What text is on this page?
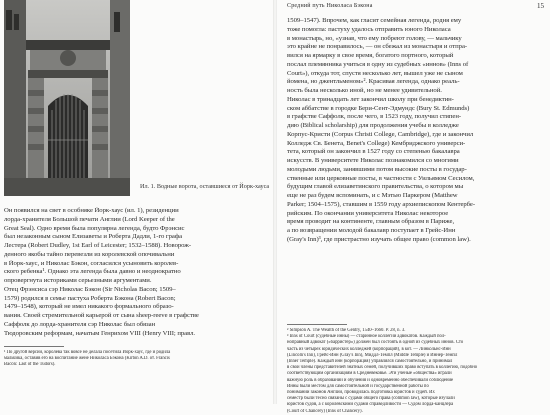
Ил. 1. Водные ворота, оставшиеся от Йорк-хауса
Он появился на свет в особняке Йорк-хаус (ил. 1), резиденции
лорда-хранителя Большой печати Англии (Lord Keeper of the
Great Seal). Одно время была популярна легенда, будто Фрэнсис
был незаконным сыном Елизаветы и Роберта Дадли, 1-го графа
Лестера (Robert Dudley, 1st Earl of Leicester; 1532–1588). Новорож-
денного якобы тайно перевезли из королевской опочивальни
в Йорк-хаус, и Николас Бэкон, согласился усыновить королев-
ского ребенка¹. Однако эта легенда была давно и неоднократно
опровергнута историками серьезными аргументами.
Отец Фрэнсиса сэр Николас Бэкон (Sir Nicholas Bacon; 1509–
1579) родился в семье пастуха Роберта Бэкона (Robert Bacon;
1479–1548), который не имел никакого формального образо-
вания. Своей стремительной карьерой от сына sheep-reeve в графстве
Саффолк до лорда-хранителя сэр Николас был обязан
Тюдоровским реформам, начатым Генрихом VIII (Henry VIII; правл.
¹ По другой версии, королева так вовсе не делала посетила Йорк-хаус, где и родила
мальчика, оставив его на воспитание жене Николаса Бэкона (Kirton A.D. от. Francis
Bacon: Last of the Tudors).
Средний путь Николаса Бэкона	15
1509–1547). Впрочем, как гласит семейная легенда, родня ему
тоже помогла: пастуху удалось отправить юного Николаса
в монастырь, но, «узнав, что ему побреют голову, — мальчику
это крайне не понравилось, — он сбежал из монастыря и отпра-
вился на ярмарку в свое время, богатого портного, который
послал племянника учиться в одну из судебных «иннов» (Inns of
Court»), откуда тот, спустя несколько лет, вышел уже не сыном
йомена, но джентльменом»². Красивая легенда, однако реаль-
ность была несколько иной, но не менее удивительной.
Николас в тринадцать лет закончил школу при бенедиктин-
ском аббатстве в городке Бери-Сент-Эдмундс (Bury St. Edmunds)
в графстве Саффолк, после чего, в 1523 году, получил стипен-
дию (Biblical scholarship) для продолжения учебы в колледже
Корпус-Кристи (Corpus Christi College, Cambridge), где и закончил
Колледж Св. Бенета, Benet's College) Кембриджского универси-
тета, который он закончил в 1527 году со степенью бакалавра
искусств. В университете Николас познакомился со многими
молодыми людьми, занявшими потом высокие посты в государ-
ственные или церковные посты, в частности с Уильямом Сесилом,
будущим главой елизаветинского правительства, о котором мы
еще не раз будем вспоминать, и с Мэтью Паркером (Matthew
Parker; 1504–1575), ставшим в 1559 году архиепископом Кентербе-
рийским. По окончании университета Николас некоторое
время проводит на континенте, главным образом в Париже,
а по возвращении молодой бакалавр поступает в Грейс-Инн
(Gray's Inn)³, где пристрастно изучать общее право (common law).
² Simpson A. The Wealth of the Gentry, 1540–1660. P. 28, n. 3.
³ Inns of Court (судебные инны) — старинное коллегии адвокатов. Каждый пол-
ноправный адвокат («барристер») должен был состоять в одной из судебных иннов. Сто
часть из четырех юридических колледжей (корпораций), в кот. — Линкольнс-Инн
(Lincoln's Inn), Грейс-Инн (Gray's Inn), Миддл-Темпл (Middle Temple) и Иннер-Темпл
(Inner Temple). Каждый инн (корпорация) управлялся самостоятельно, и принимал
в свои члены представителей знатных семей, получивших право вступать в коллегию, подобно
соответствующим организациям в Средневековье. Эти ученые «общества» играли
важную роль в образовании и обучения и одновременно обеспечивали соблюдение
Инны были местом для самостоятельной и государственной работы по
понимании законов Англии, проводилась подготовка юристов и судей. Их
семестр были тесно связаны с судами общего права (common law), которые изучали
юристов судов, а с королевскими судами справедливости — Судом лорда-канцлера
(Court of Chancery) (Inns of Chancery).
